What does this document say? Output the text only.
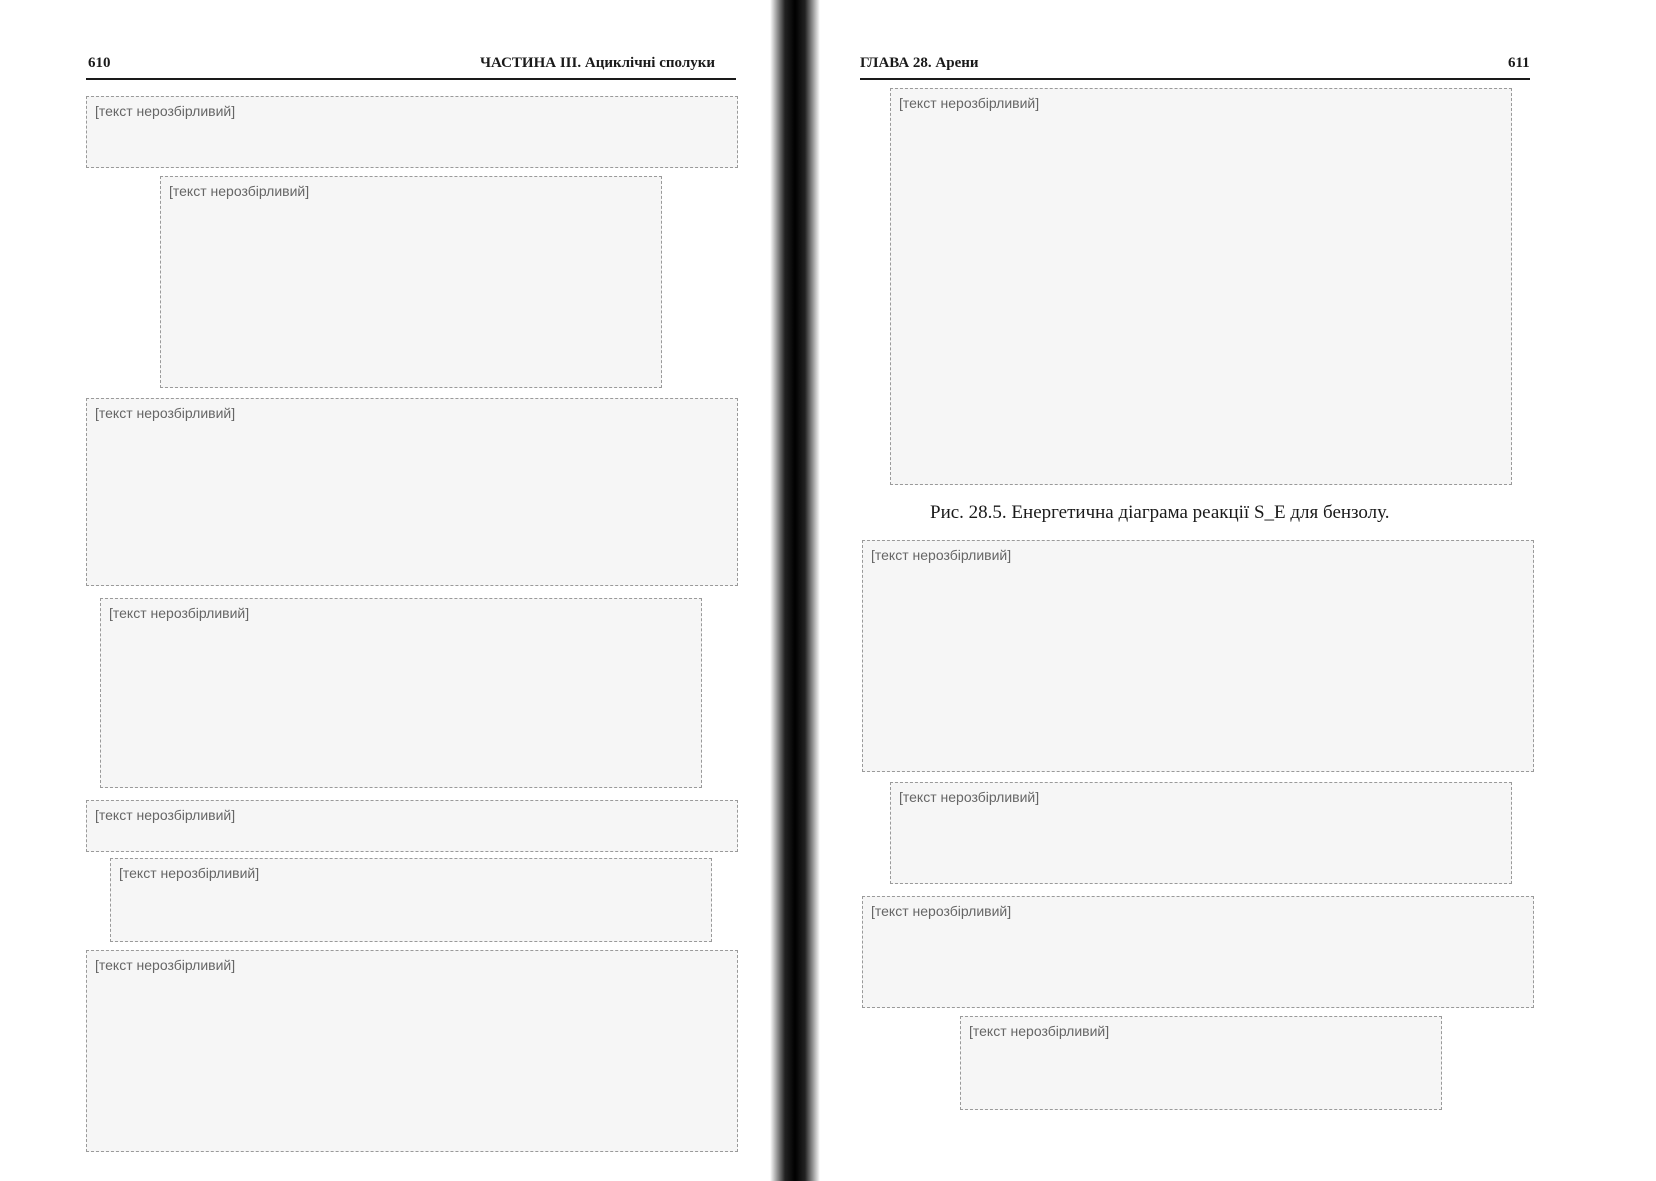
610	ЧАСТИНА III. Ациклічні сполуки
[текст нерозбірливий]
[текст нерозбірливий]
[текст нерозбірливий]
[текст нерозбірливий]
[текст нерозбірливий]
[текст нерозбірливий]
[текст нерозбірливий]
ГЛАВА 28. Арени	611
[текст нерозбірливий]
Рис. 28.5. Енергетична діаграма реакції S_E для бензолу.
[текст нерозбірливий]
[текст нерозбірливий]
[текст нерозбірливий]
[текст нерозбірливий]
